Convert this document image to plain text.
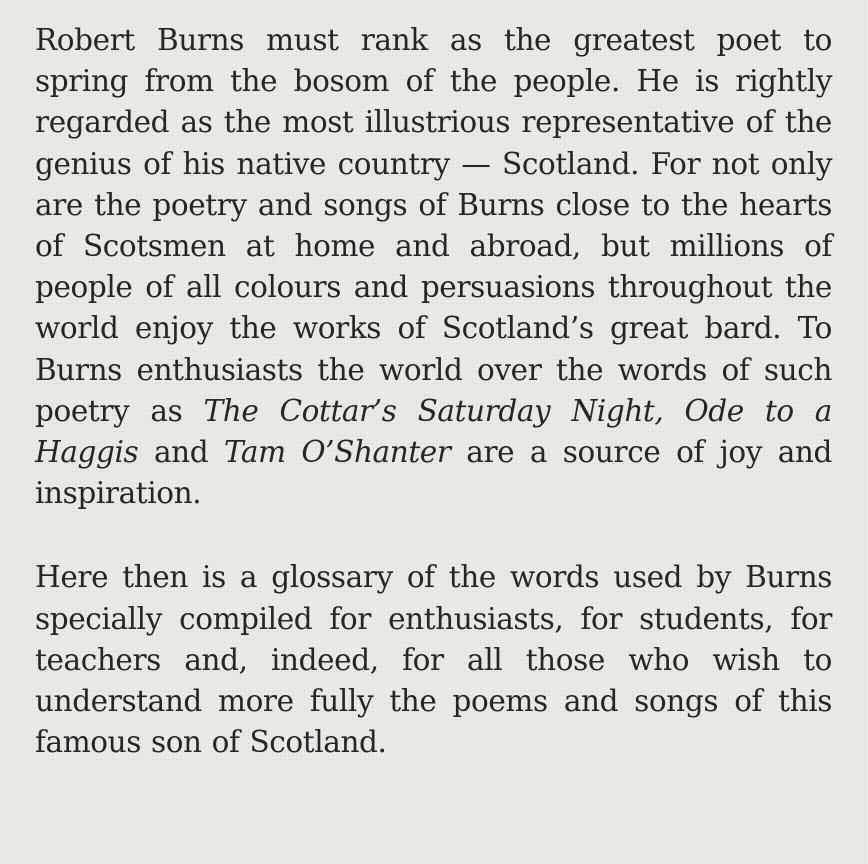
Robert Burns must rank as the greatest poet to spring from the bosom of the people. He is rightly regarded as the most illustrious representative of the genius of his native country — Scotland. For not only are the poetry and songs of Burns close to the hearts of Scotsmen at home and abroad, but millions of people of all colours and persuasions throughout the world enjoy the works of Scotland’s great bard. To Burns enthusiasts the world over the words of such poetry as The Cottar’s Saturday Night, Ode to a Haggis and Tam O’Shanter are a source of joy and inspiration.

Here then is a glossary of the words used by Burns specially compiled for enthusiasts, for students, for teachers and, indeed, for all those who wish to understand more fully the poems and songs of this famous son of Scotland.
